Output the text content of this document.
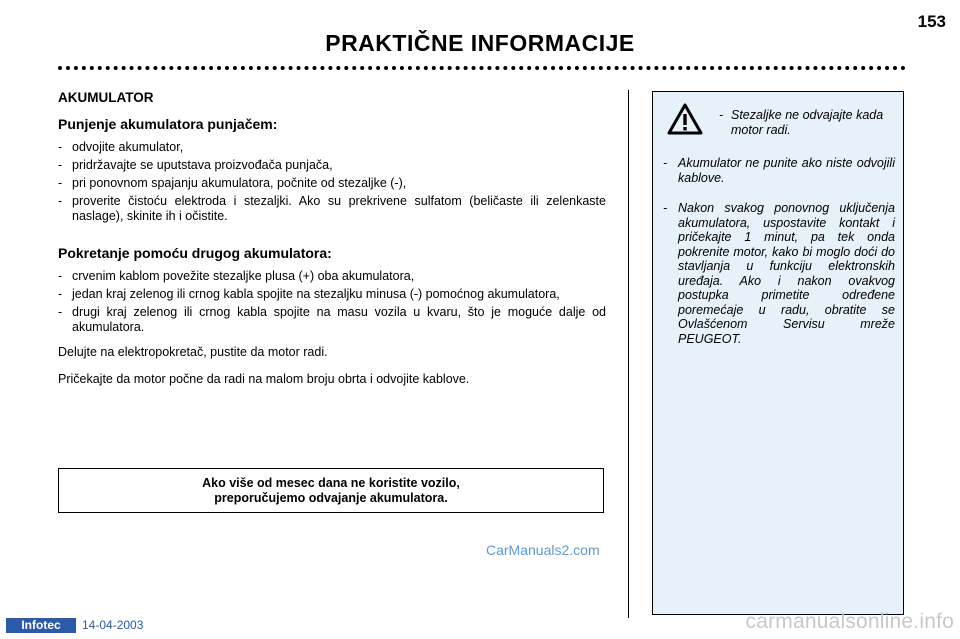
153
PRAKTIČNE INFORMACIJE
AKUMULATOR
Punjenje akumulatora punjačem:
- odvojite akumulator,
- pridržavajte se uputstava proizvođača punjača,
- pri ponovnom spajanju akumulatora, počnite od stezaljke (-),
- proverite čistoću elektroda i stezaljki. Ako su prekrivene sulfatom (beličaste ili zelenkaste naslage), skinite ih i očistite.
Pokretanje pomoću drugog akumulatora:
- crvenim kablom povežite stezaljke plusa (+) oba akumulatora,
- jedan kraj zelenog ili crnog kabla spojite na stezaljku minusa (-) pomoćnog akumulatora,
- drugi kraj zelenog ili crnog kabla spojite na masu vozila u kvaru, što je moguće dalje od akumulatora.

Delujte na elektropokretač, pustite da motor radi.

Pričekajte da motor počne da radi na malom broju obrta i odvojite kablove.

Ako više od mesec dana ne koristite vozilo,
preporučujemo odvajanje akumulatora.
CarManuals2.com
- Stezaljke ne odvajajte kada motor radi.
- Akumulator ne punite ako niste odvojili kablove.
- Nakon svakog ponovnog uključenja akumulatora, uspostavite kontakt i pričekajte 1 minut, pa tek onda pokrenite motor, kako bi moglo doći do stavljanja u funkciju elektronskih uređaja. Ako i nakon ovakvog postupka primetite određene poremećaje u radu, obratite se Ovlašćenom Servisu mreže PEUGEOT.
Infotec	14-04-2003	carmanualsonline.info
